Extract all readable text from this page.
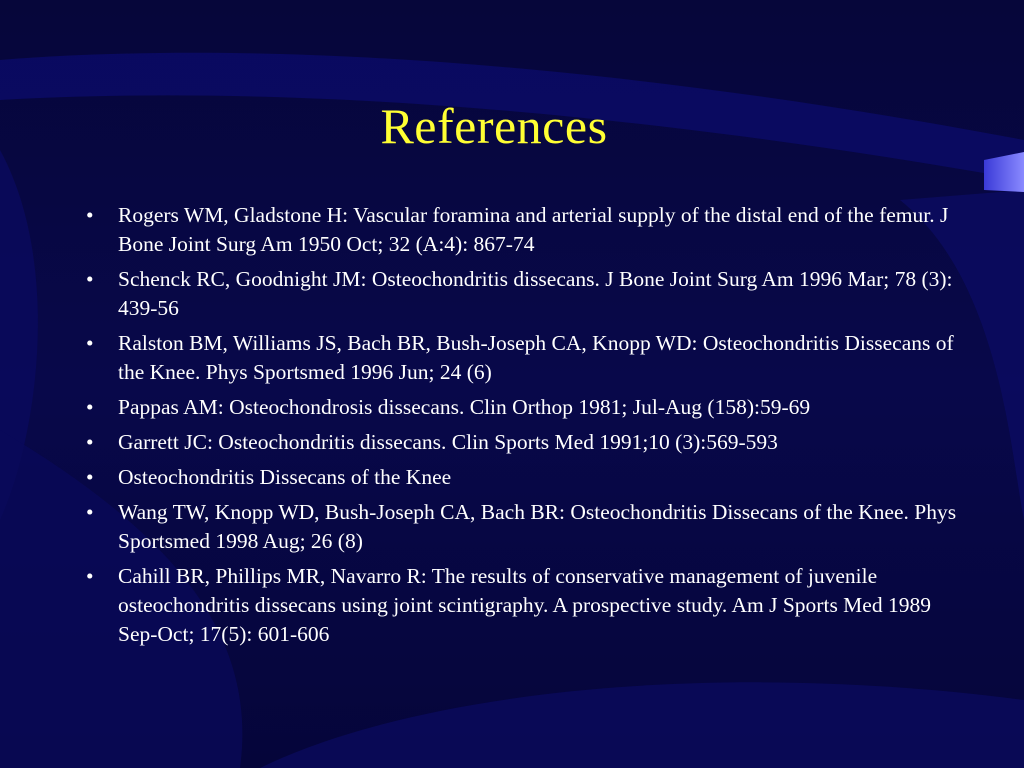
References
• Rogers WM, Gladstone H: Vascular foramina and arterial supply of the distal end of the femur. J Bone Joint Surg Am 1950 Oct; 32 (A:4): 867-74
• Schenck RC, Goodnight JM: Osteochondritis dissecans. J Bone Joint Surg Am 1996 Mar; 78 (3): 439-56
• Ralston BM, Williams JS, Bach BR, Bush-Joseph CA, Knopp WD: Osteochondritis Dissecans of the Knee. Phys Sportsmed 1996 Jun; 24 (6)
• Pappas AM: Osteochondrosis dissecans. Clin Orthop 1981; Jul-Aug (158):59-69
• Garrett JC: Osteochondritis dissecans. Clin Sports Med 1991;10 (3):569-593
• Osteochondritis Dissecans of the Knee
• Wang TW, Knopp WD, Bush-Joseph CA, Bach BR: Osteochondritis Dissecans of the Knee. Phys Sportsmed 1998 Aug; 26 (8)
• Cahill BR, Phillips MR, Navarro R: The results of conservative management of juvenile osteochondritis dissecans using joint scintigraphy. A prospective study. Am J Sports Med 1989 Sep-Oct; 17(5): 601-606
